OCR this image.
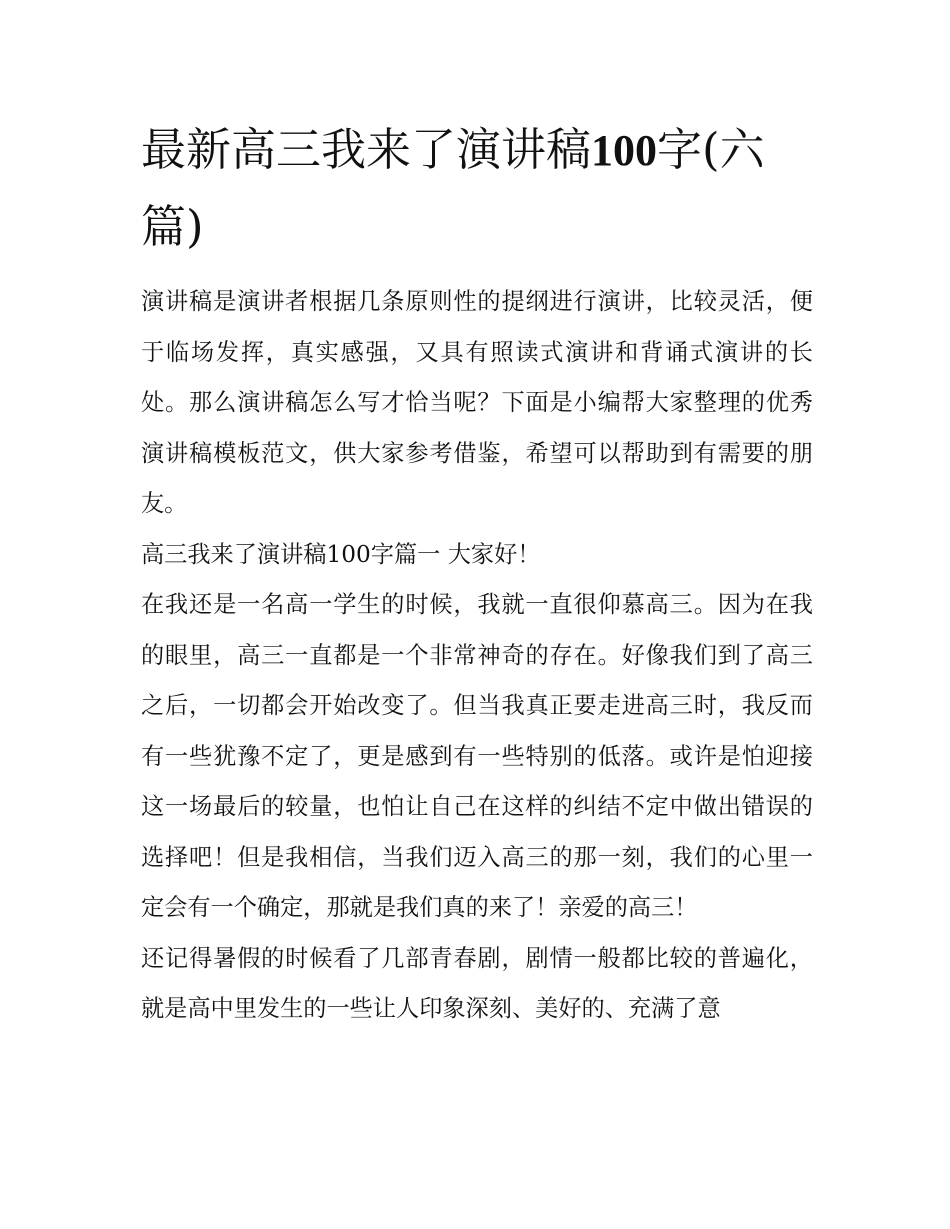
最新高三我来了演讲稿100字(六篇)

演讲稿是演讲者根据几条原则性的提纲进行演讲，比较灵活，便于临场发挥，真实感强，又具有照读式演讲和背诵式演讲的长处。那么演讲稿怎么写才恰当呢？下面是小编帮大家整理的优秀演讲稿模板范文，供大家参考借鉴，希望可以帮助到有需要的朋友。

高三我来了演讲稿100字篇一 大家好！

在我还是一名高一学生的时候，我就一直很仰慕高三。因为在我的眼里，高三一直都是一个非常神奇的存在。好像我们到了高三之后，一切都会开始改变了。但当我真正要走进高三时，我反而有一些犹豫不定了，更是感到有一些特别的低落。或许是怕迎接这一场最后的较量，也怕让自己在这样的纠结不定中做出错误的选择吧！但是我相信，当我们迈入高三的那一刻，我们的心里一定会有一个确定，那就是我们真的来了！亲爱的高三！

还记得暑假的时候看了几部青春剧，剧情一般都比较的普遍化，就是高中里发生的一些让人印象深刻、美好的、充满了意
